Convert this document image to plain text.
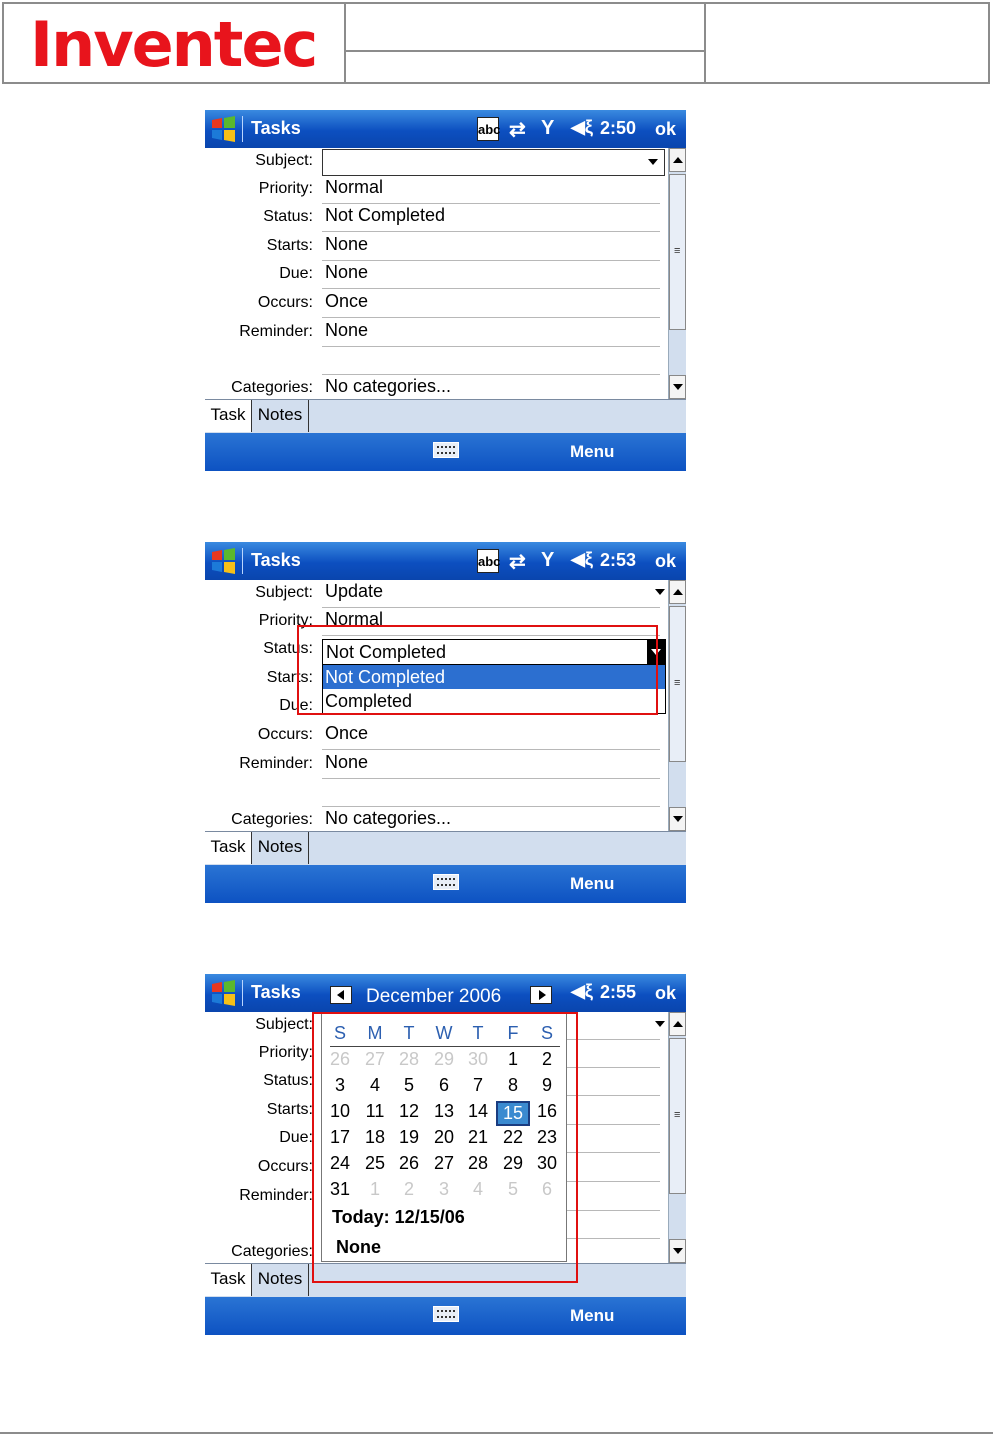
Inventec
Tasks	abc ⇄ Y ◀ξ 2:50 ok
Subject:
Priority: Normal
Status: Not Completed
Starts: None
Due: None
Occurs: Once
Reminder: None
Categories: No categories...
≡
Task Notes
Menu
Tasks	abc ⇄ Y ◀ξ 2:53 ok
Subject: Update
Priority: Normal
Status:
Starts:
Due:
Occurs: Once
Reminder: None
Categories: No categories...
Not Completed
Not Completed
Completed
≡
Task Notes
Menu
Tasks	◀ξ 2:55 ok
Subject:
Priority:
Status:
Starts:
Due:
Occurs:
Reminder:
Categories:
≡
Task Notes
Menu
December 2006
Today: 12/15/06
None
S	M	T	W	T	F	S
26 27 28 29 30	1	2
3	4	5	6	7	8	9
10 11 12 13 14 15 16
17 18 19 20 21 22 23
24 25 26 27 28 29 30
31	1	2	3	4	5	6
